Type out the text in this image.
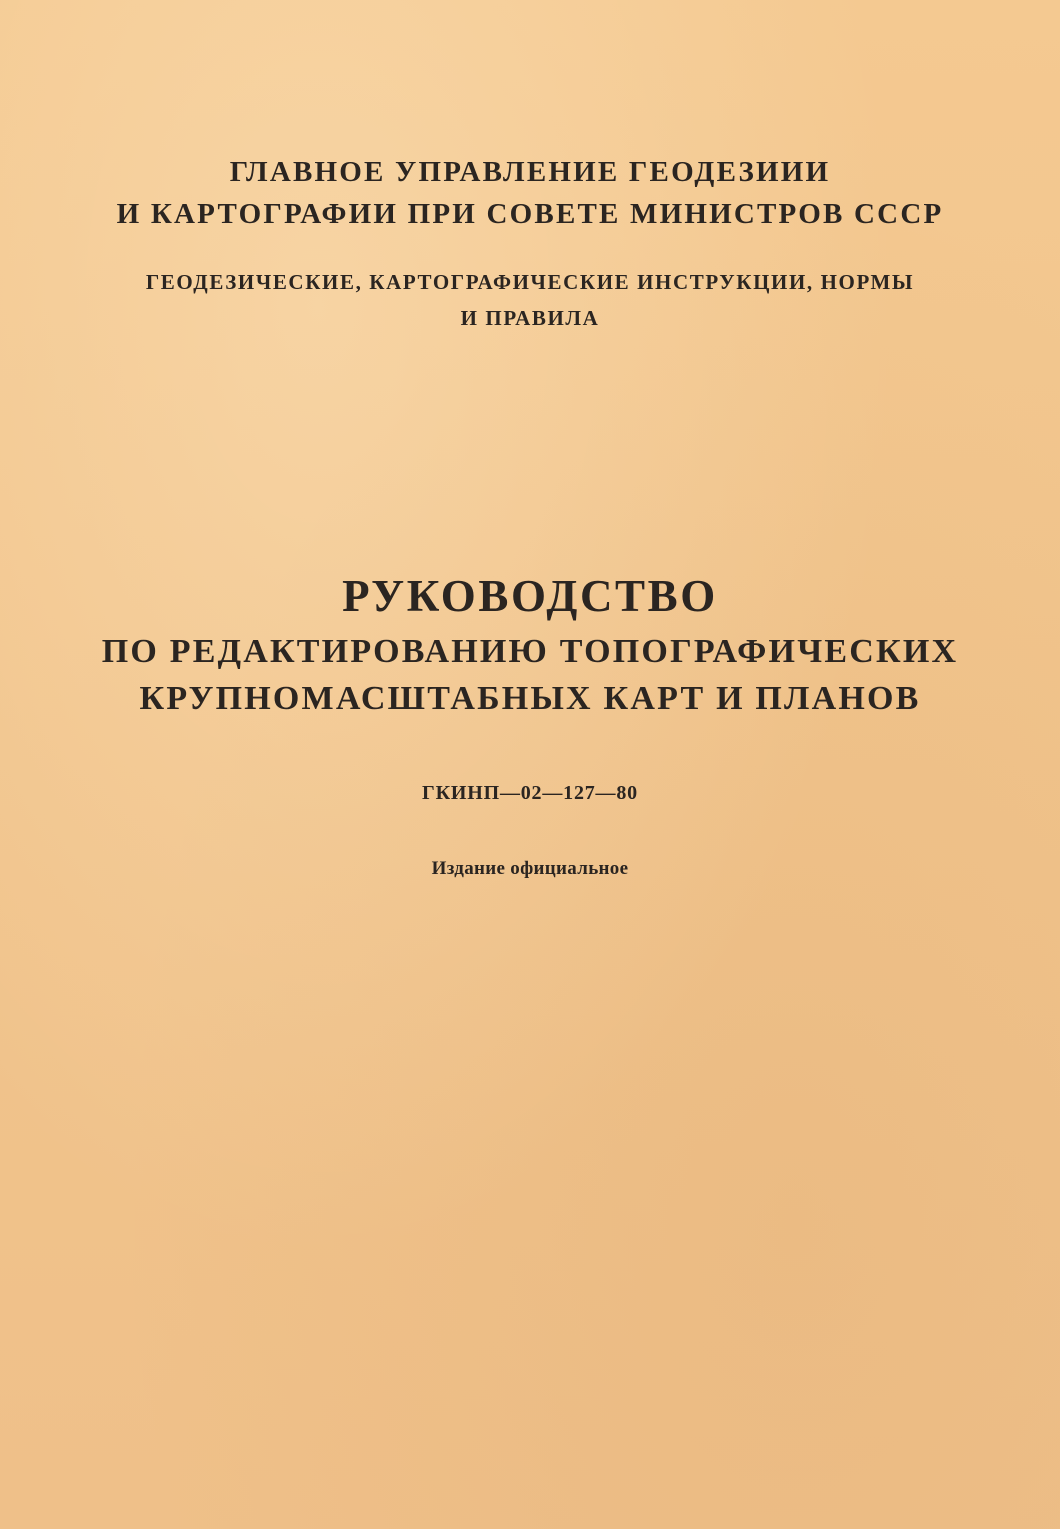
ГЛАВНОЕ УПРАВЛЕНИЕ ГЕОДЕЗИИИ
И КАРТОГРАФИИ ПРИ СОВЕТЕ МИНИСТРОВ СССР
ГЕОДЕЗИЧЕСКИЕ, КАРТОГРАФИЧЕСКИЕ ИНСТРУКЦИИ, НОРМЫ
И ПРАВИЛА
РУКОВОДСТВО
ПО РЕДАКТИРОВАНИЮ ТОПОГРАФИЧЕСКИХ
КРУПНОМАСШТАБНЫХ КАРТ И ПЛАНОВ
ГКИНП—02—127—80
Издание официальное
